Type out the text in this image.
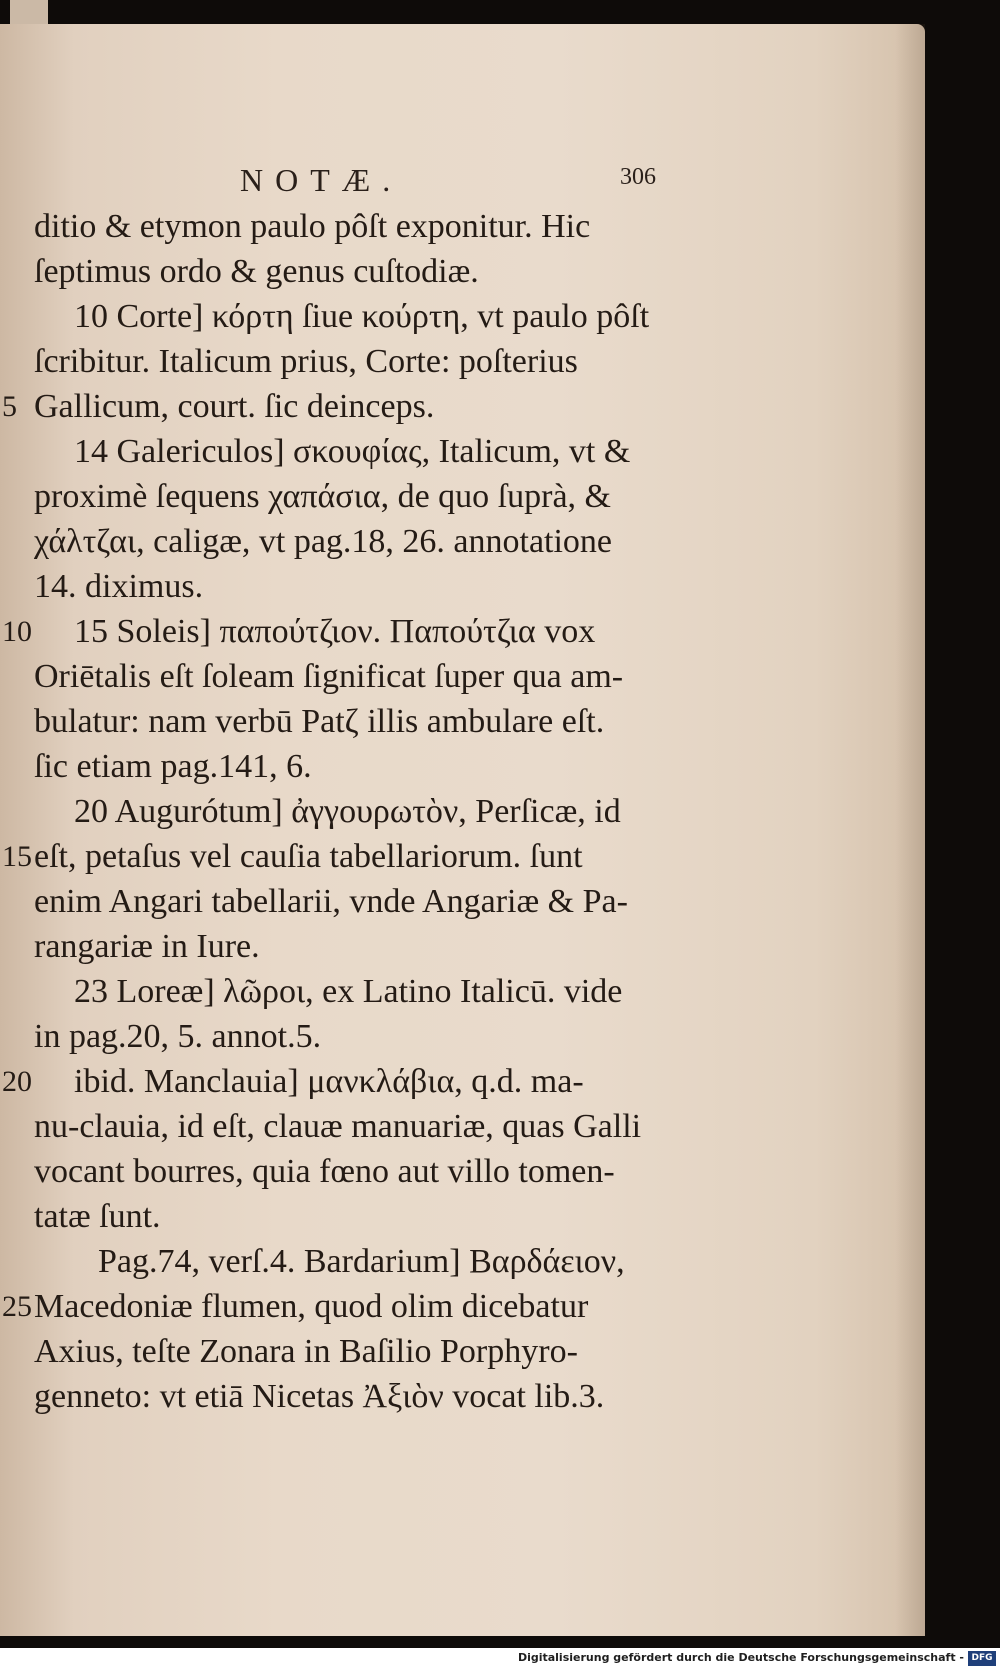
NOTÆ.	306
ditio & etymon paulo pôſt exponitur. Hic
ſeptimus ordo & genus cuſtodiæ.
10 Corte] κόρτη ſiue κούρτη, vt paulo pôſt
ſcribitur. Italicum prius, Corte: poſterius
5 Gallicum, court. ſic deinceps.
14 Galericulos] σκουφίας, Italicum, vt &
proximè ſequens χαπάσια, de quo ſuprà, &
χάλτζαι, caligæ, vt pag.18, 26. annotatione
14. diximus.
10 15 Soleis] παπούτζιον. Παπούτζια vox
Oriētalis eſt ſoleam ſignificat ſuper qua am-
bulatur: nam verbū Patζ illis ambulare eſt.
ſic etiam pag.141, 6.
20 Augurótum] ἀγγουρωτὸν, Perſicæ, id
15 eſt, petaſus vel cauſia tabellariorum. ſunt
enim Angari tabellarii, vnde Angariæ & Pa-
rangariæ in Iure.
23 Loreæ] λῶροι, ex Latino Italicū. vide
in pag.20, 5. annot.5.
20 ibid. Manclauia] μανκλάβια, q.d. ma-
nu-clauia, id eſt, clauæ manuariæ, quas Galli
vocant bourres, quia fœno aut villo tomen-
tatæ ſunt.
Pag.74, verſ.4. Bardarium] Βαρδάειον,
25 Macedoniæ flumen, quod olim dicebatur
Axius, teſte Zonara in Baſilio Porphyro-
genneto: vt etiā Nicetas Ἀξιὸν vocat lib.3.
Digitalisierung gefördert durch die Deutsche Forschungsgemeinschaft - DFG
